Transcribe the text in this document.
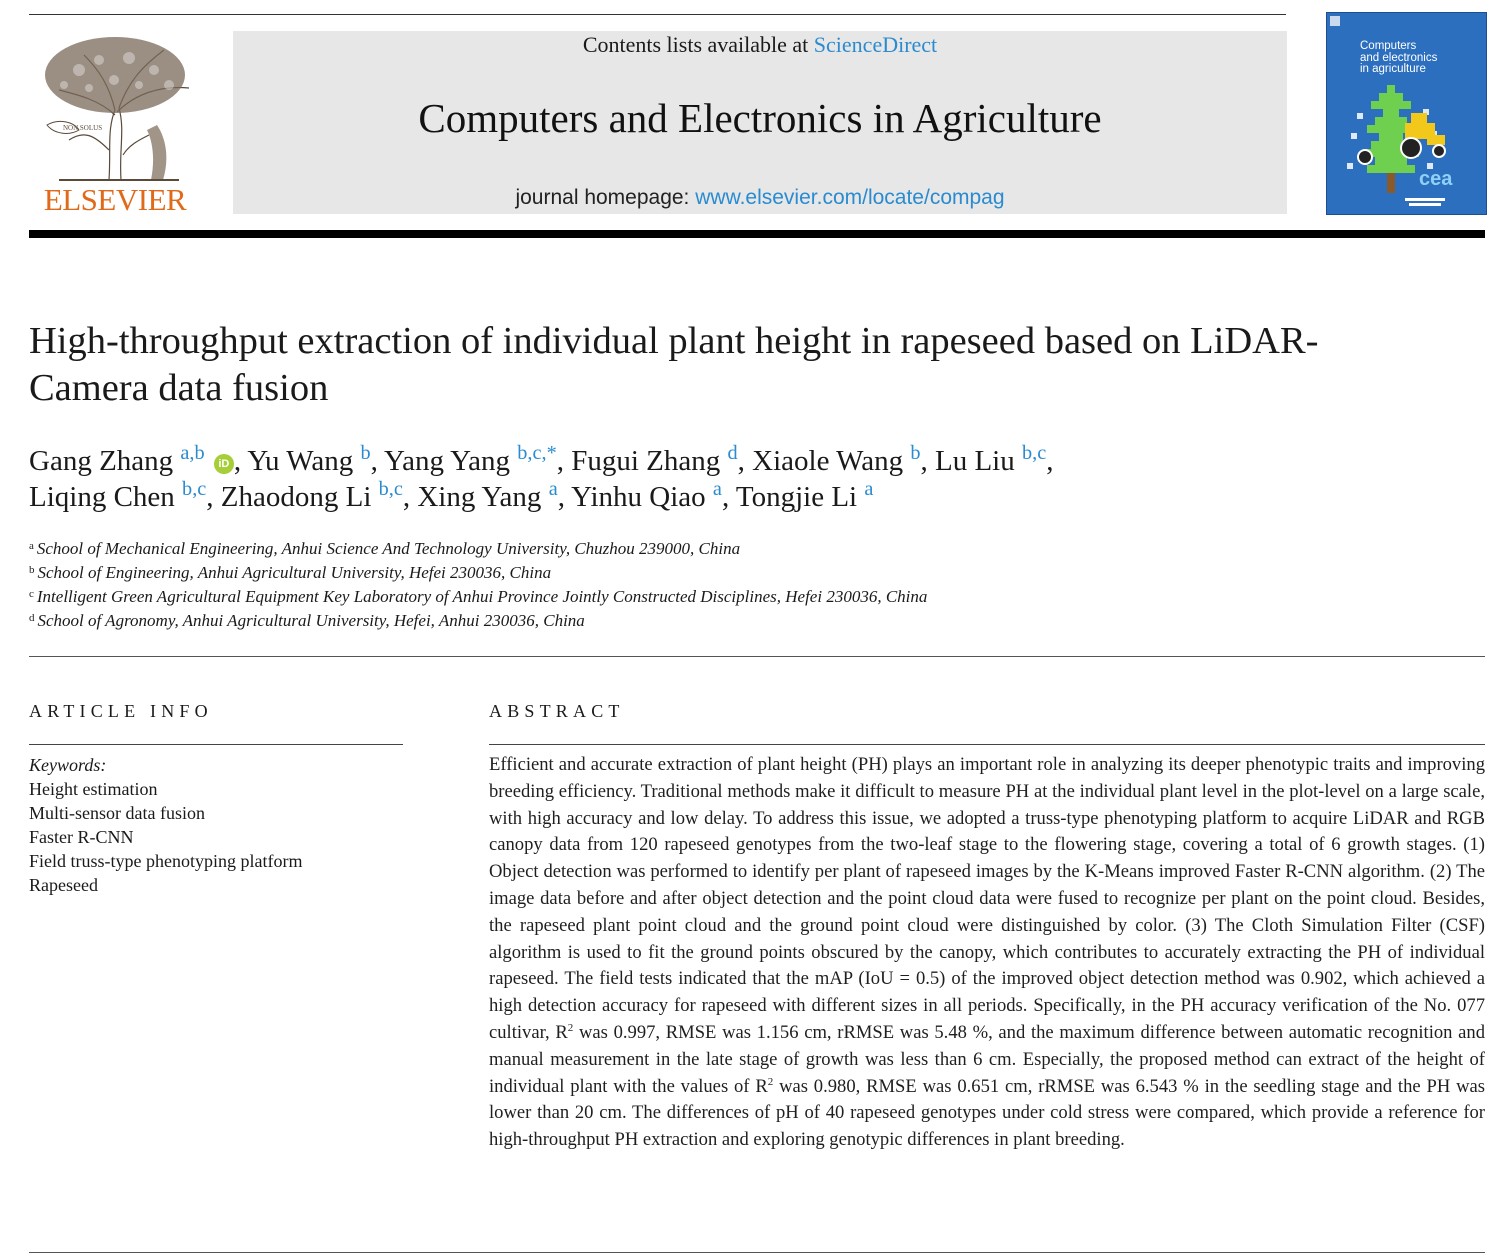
NON SOLUS
ELSEVIER
Contents lists available at ScienceDirect
Computers and Electronics in Agriculture
journal homepage: www.elsevier.com/locate/compag
cea
Computers
and electronics
in agriculture
High-throughput extraction of individual plant height in rapeseed based on LiDAR-Camera data fusion
Gang Zhang $^{a,b}$ iD , Yu Wang $^b$, Yang Yang $^{b,c,*}$, Fugui Zhang $^d$, Xiaole Wang $^b$, Lu Liu $^{b,c}$,
Liqing Chen $^{b,c}$, Zhaodong Li $^{b,c}$, Xing Yang $^a$, Yinhu Qiao $^a$, Tongjie Li $^a$
$^a$ School of Mechanical Engineering, Anhui Science And Technology University, Chuzhou 239000, China
$^b$ School of Engineering, Anhui Agricultural University, Hefei 230036, China
$^c$ Intelligent Green Agricultural Equipment Key Laboratory of Anhui Province Jointly Constructed Disciplines, Hefei 230036, China
$^d$ School of Agronomy, Anhui Agricultural University, Hefei, Anhui 230036, China
ARTICLE INFO
Keywords:
Height estimation
Multi-sensor data fusion
Faster R-CNN
Field truss-type phenotyping platform
Rapeseed
ABSTRACT
Efficient and accurate extraction of plant height (PH) plays an important role in analyzing its deeper phenotypic traits and improving breeding efficiency. Traditional methods make it difficult to measure PH at the individual plant level in the plot-level on a large scale, with high accuracy and low delay. To address this issue, we adopted a truss-type phenotyping platform to acquire LiDAR and RGB canopy data from 120 rapeseed genotypes from the two-leaf stage to the flowering stage, covering a total of 6 growth stages. (1) Object detection was performed to identify per plant of rapeseed images by the K-Means improved Faster R-CNN algorithm. (2) The image data before and after object detection and the point cloud data were fused to recognize per plant on the point cloud. Besides, the rapeseed plant point cloud and the ground point cloud were distinguished by color. (3) The Cloth Simulation Filter (CSF) algorithm is used to fit the ground points obscured by the canopy, which contributes to accurately extracting the PH of individual rapeseed. The field tests indicated that the mAP (IoU = 0.5) of the improved object detection method was 0.902, which achieved a high detection accuracy for rapeseed with different sizes in all periods. Specifically, in the PH accuracy verification of the No. 077 cultivar, $R^2$ was 0.997, RMSE was 1.156 cm, rRMSE was 5.48 %, and the maximum difference between automatic recognition and manual measurement in the late stage of growth was less than 6 cm. Especially, the proposed method can extract of the height of individual plant with the values of $R^2$ was 0.980, RMSE was 0.651 cm, rRMSE was 6.543 % in the seedling stage and the PH was lower than 20 cm. The differences of pH of 40 rapeseed genotypes under cold stress were compared, which provide a reference for high-throughput PH extraction and exploring genotypic differences in plant breeding.
